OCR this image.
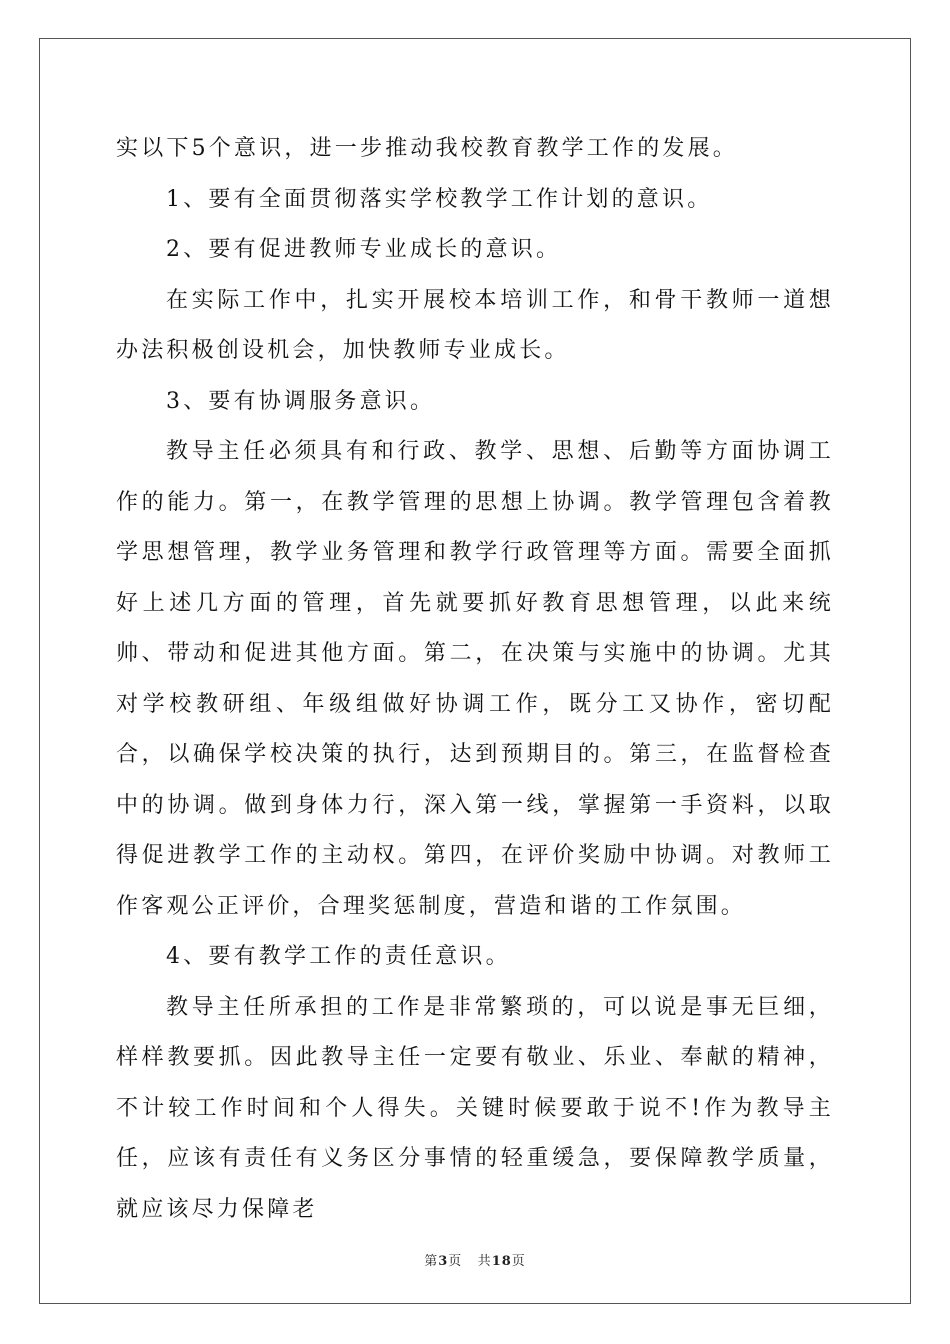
实以下5个意识，进一步推动我校教育教学工作的发展。

1、要有全面贯彻落实学校教学工作计划的意识。

2、要有促进教师专业成长的意识。

在实际工作中，扎实开展校本培训工作，和骨干教师一道想办法积极创设机会，加快教师专业成长。

3、要有协调服务意识。

教导主任必须具有和行政、教学、思想、后勤等方面协调工作的能力。第一，在教学管理的思想上协调。教学管理包含着教学思想管理，教学业务管理和教学行政管理等方面。需要全面抓好上述几方面的管理，首先就要抓好教育思想管理，以此来统帅、带动和促进其他方面。第二，在决策与实施中的协调。尤其对学校教研组、年级组做好协调工作，既分工又协作，密切配合，以确保学校决策的执行，达到预期目的。第三，在监督检查中的协调。做到身体力行，深入第一线，掌握第一手资料，以取得促进教学工作的主动权。第四，在评价奖励中协调。对教师工作客观公正评价，合理奖惩制度，营造和谐的工作氛围。

4、要有教学工作的责任意识。

教导主任所承担的工作是非常繁琐的，可以说是事无巨细，样样教要抓。因此教导主任一定要有敬业、乐业、奉献的精神，不计较工作时间和个人得失。关键时候要敢于说不!作为教导主任，应该有责任有义务区分事情的轻重缓急，要保障教学质量，就应该尽力保障老

第3页 共18页
